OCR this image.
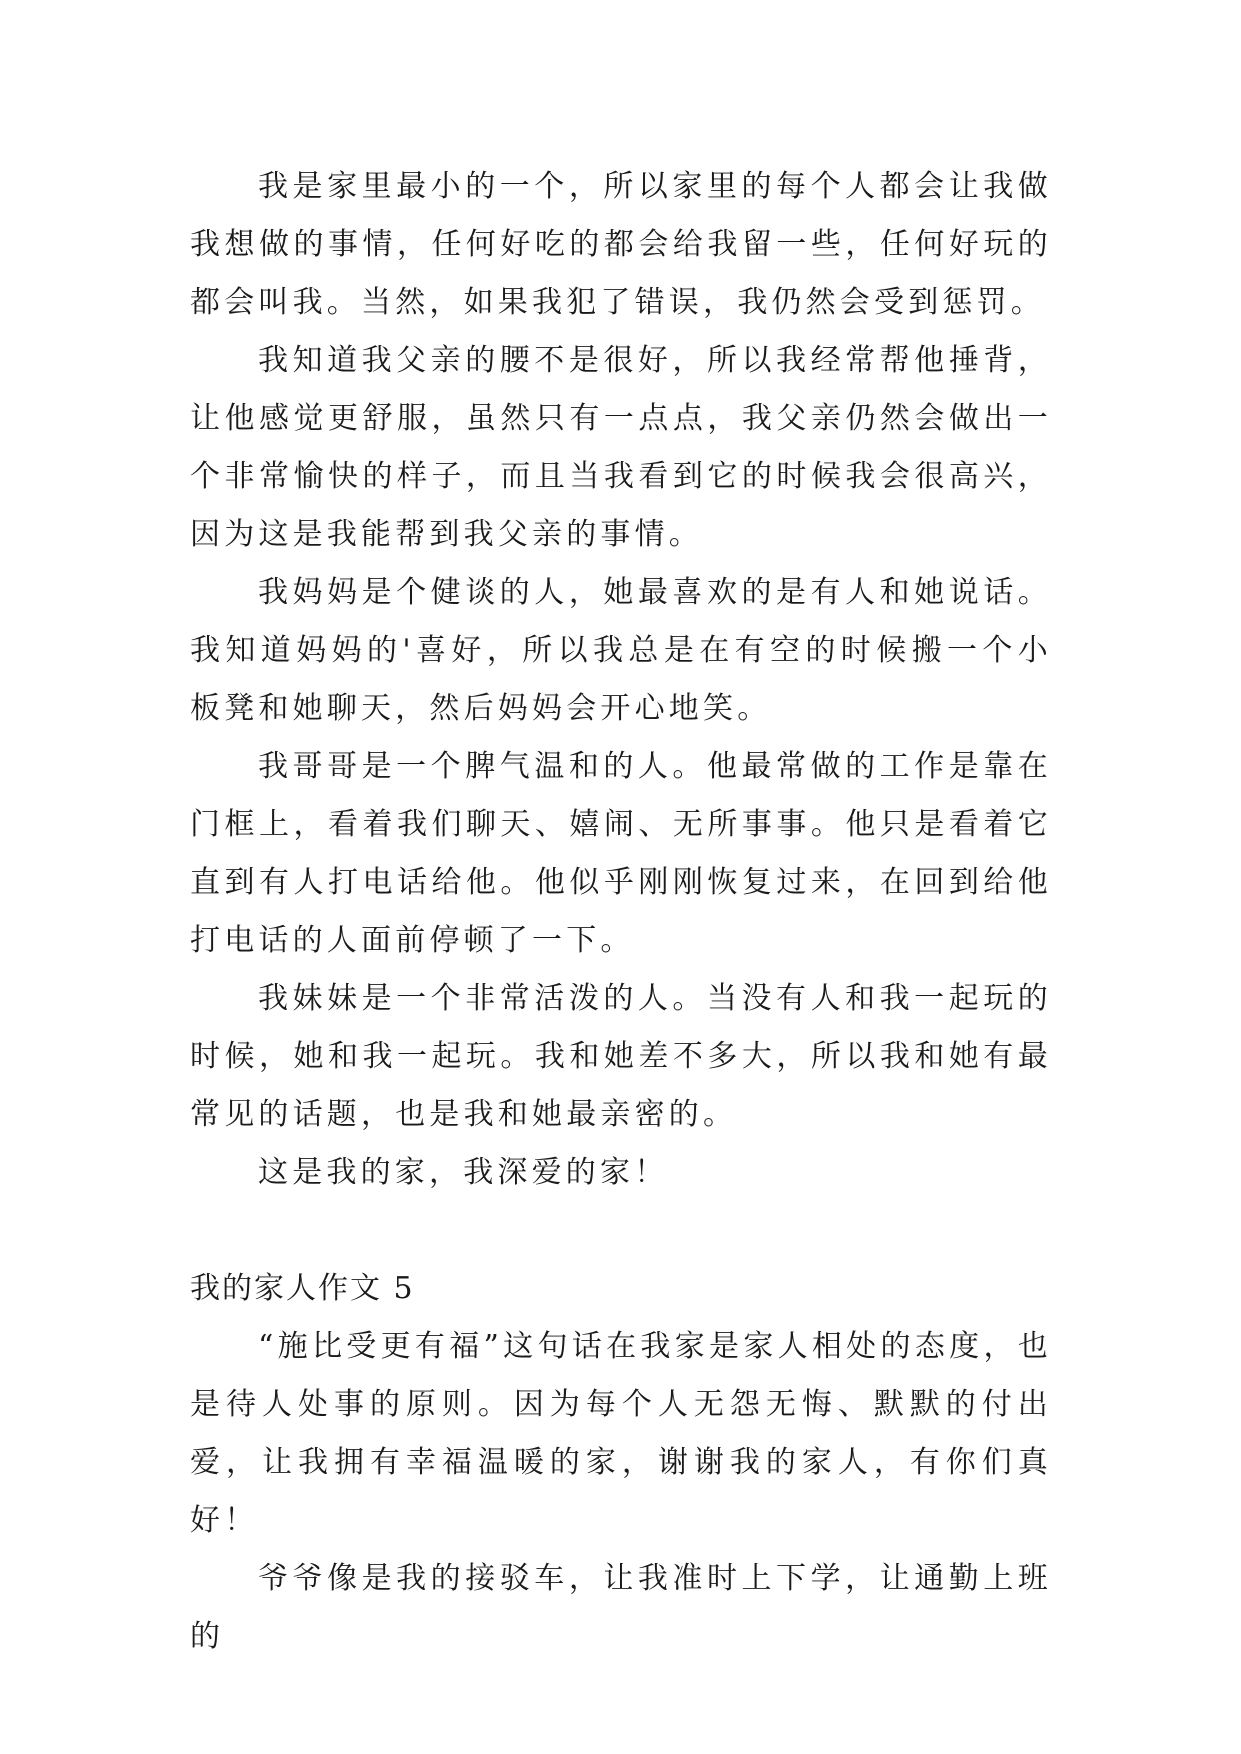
我是家里最小的一个，所以家里的每个人都会让我做我想做的事情，任何好吃的都会给我留一些，任何好玩的都会叫我。当然，如果我犯了错误，我仍然会受到惩罚。

我知道我父亲的腰不是很好，所以我经常帮他捶背，让他感觉更舒服，虽然只有一点点，我父亲仍然会做出一个非常愉快的样子，而且当我看到它的时候我会很高兴，因为这是我能帮到我父亲的事情。

我妈妈是个健谈的人，她最喜欢的是有人和她说话。我知道妈妈的'喜好，所以我总是在有空的时候搬一个小板凳和她聊天，然后妈妈会开心地笑。

我哥哥是一个脾气温和的人。他最常做的工作是靠在门框上，看着我们聊天、嬉闹、无所事事。他只是看着它直到有人打电话给他。他似乎刚刚恢复过来，在回到给他打电话的人面前停顿了一下。

我妹妹是一个非常活泼的人。当没有人和我一起玩的时候，她和我一起玩。我和她差不多大，所以我和她有最常见的话题，也是我和她最亲密的。

这是我的家，我深爱的家！

我的家人作文 5

“施比受更有福”这句话在我家是家人相处的态度，也是待人处事的原则。因为每个人无怨无悔、默默的付出爱，让我拥有幸福温暖的家，谢谢我的家人，有你们真好！

爷爷像是我的接驳车，让我准时上下学，让通勤上班的
